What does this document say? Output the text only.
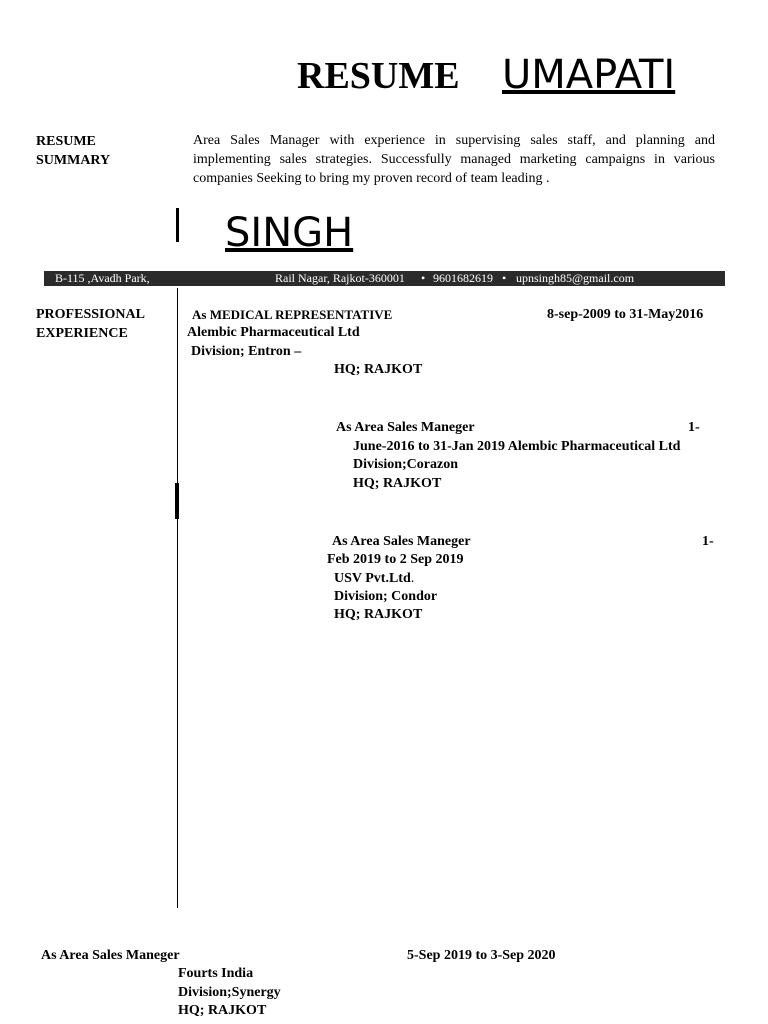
RESUME UMAPATI
RESUME
SUMMARY
Area Sales Manager with experience in supervising sales staff, and planning and implementing sales strategies. Successfully managed marketing campaigns in various companies Seeking to bring my proven record of team leading .
SINGH
B-115 ,Avadh Park,	Rail Nagar, Rajkot-360001 • 9601682619 • upnsingh85@gmail.com
PROFESSIONAL
EXPERIENCE
As MEDICAL REPRESENTATIVE	8-sep-2009 to 31-May2016
Alembic Pharmaceutical Ltd
Division; Entron –
HQ; RAJKOT
As Area Sales Maneger	1-
June-2016 to 31-Jan 2019 Alembic Pharmaceutical Ltd
Division;Corazon
HQ; RAJKOT
As Area Sales Maneger	1-
Feb 2019 to 2 Sep 2019
USV Pvt.Ltd.
Division; Condor
HQ; RAJKOT
As Area Sales Maneger	5-Sep 2019 to 3-Sep 2020
Fourts India
Division;Synergy
HQ; RAJKOT
